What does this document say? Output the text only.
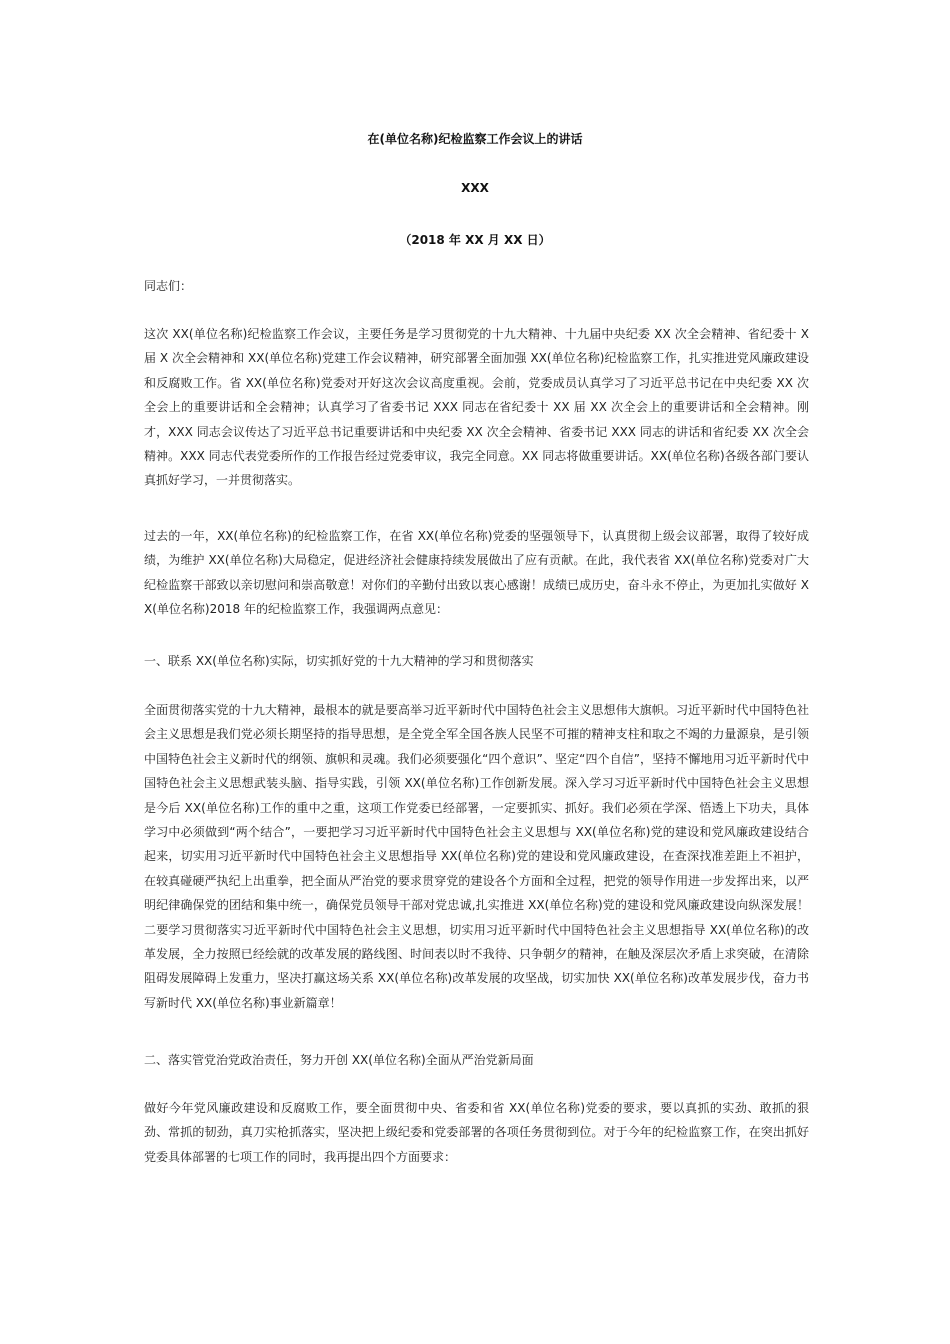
在(单位名称)纪检监察工作会议上的讲话
XXX
（2018 年 XX 月 XX 日）

同志们：

这次 XX(单位名称)纪检监察工作会议，主要任务是学习贯彻党的十九大精神、十九届中央纪委 XX 次全会精神、省纪委十 X 届 X 次全会精神和 XX(单位名称)党建工作会议精神，研究部署全面加强 XX(单位名称)纪检监察工作，扎实推进党风廉政建设和反腐败工作。省 XX(单位名称)党委对开好这次会议高度重视。会前，党委成员认真学习了习近平总书记在中央纪委 XX 次全会上的重要讲话和全会精神；认真学习了省委书记 XXX 同志在省纪委十 XX 届 XX 次全会上的重要讲话和全会精神。刚才，XXX 同志会议传达了习近平总书记重要讲话和中央纪委 XX 次全会精神、省委书记 XXX 同志的讲话和省纪委 XX 次全会精神。XXX 同志代表党委所作的工作报告经过党委审议，我完全同意。XX 同志将做重要讲话。XX(单位名称)各级各部门要认真抓好学习，一并贯彻落实。

过去的一年，XX(单位名称)的纪检监察工作，在省 XX(单位名称)党委的坚强领导下，认真贯彻上级会议部署，取得了较好成绩，为维护 XX(单位名称)大局稳定，促进经济社会健康持续发展做出了应有贡献。在此，我代表省 XX(单位名称)党委对广大纪检监察干部致以亲切慰问和崇高敬意！对你们的辛勤付出致以衷心感谢！成绩已成历史，奋斗永不停止，为更加扎实做好 XX(单位名称)2018 年的纪检监察工作，我强调两点意见：

一、联系 XX(单位名称)实际，切实抓好党的十九大精神的学习和贯彻落实

全面贯彻落实党的十九大精神，最根本的就是要高举习近平新时代中国特色社会主义思想伟大旗帜。习近平新时代中国特色社会主义思想是我们党必须长期坚持的指导思想，是全党全军全国各族人民坚不可摧的精神支柱和取之不竭的力量源泉，是引领中国特色社会主义新时代的纲领、旗帜和灵魂。我们必须要强化“四个意识”、坚定“四个自信”，坚持不懈地用习近平新时代中国特色社会主义思想武装头脑、指导实践，引领 XX(单位名称)工作创新发展。深入学习习近平新时代中国特色社会主义思想是今后 XX(单位名称)工作的重中之重，这项工作党委已经部署，一定要抓实、抓好。我们必须在学深、悟透上下功夫，具体学习中必须做到“两个结合”，一要把学习习近平新时代中国特色社会主义思想与 XX(单位名称)党的建设和党风廉政建设结合起来，切实用习近平新时代中国特色社会主义思想指导 XX(单位名称)党的建设和党风廉政建设，在查深找准差距上不袒护，在较真碰硬严执纪上出重拳，把全面从严治党的要求贯穿党的建设各个方面和全过程，把党的领导作用进一步发挥出来，以严明纪律确保党的团结和集中统一，确保党员领导干部对党忠诚,扎实推进 XX(单位名称)党的建设和党风廉政建设向纵深发展！二要学习贯彻落实习近平新时代中国特色社会主义思想，切实用习近平新时代中国特色社会主义思想指导 XX(单位名称)的改革发展，全力按照已经绘就的改革发展的路线图、时间表以时不我待、只争朝夕的精神，在触及深层次矛盾上求突破，在清除阻碍发展障碍上发重力，坚决打赢这场关系 XX(单位名称)改革发展的攻坚战，切实加快 XX(单位名称)改革发展步伐，奋力书写新时代 XX(单位名称)事业新篇章！

二、落实管党治党政治责任，努力开创 XX(单位名称)全面从严治党新局面

做好今年党风廉政建设和反腐败工作，要全面贯彻中央、省委和省 XX(单位名称)党委的要求，要以真抓的实劲、敢抓的狠劲、常抓的韧劲，真刀实枪抓落实，坚决把上级纪委和党委部署的各项任务贯彻到位。对于今年的纪检监察工作，在突出抓好党委具体部署的七项工作的同时，我再提出四个方面要求：
